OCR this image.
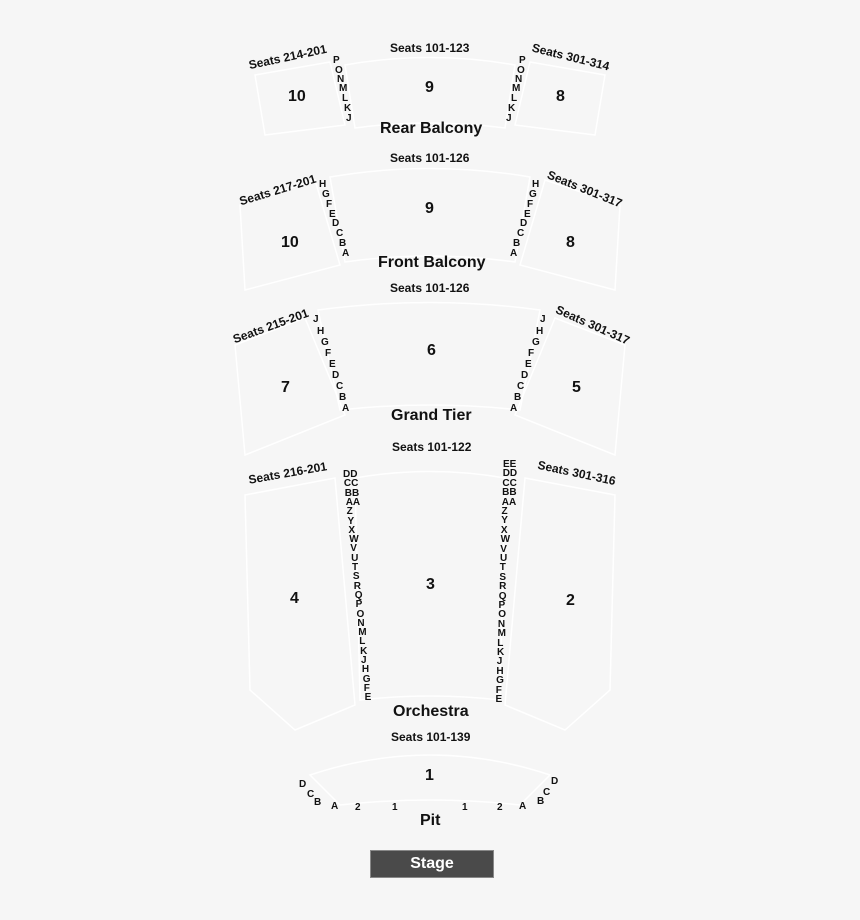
Seats 101-123
Seats 214-201	Seats 301-314
10
9
8
Rear Balcony
P
O
N
M
L
K
J
P
O
N
M
L
K
J
Seats 101-126
Seats 217-201	Seats 301-317
9
10	8
Front Balcony
H
G
F
E
D
C
B
A
H
G
F
E
D
C
B
A
Seats 101-126
Seats 215-201	Seats 301-317
6
7	5
Grand Tier
J
H
G
F
E
D
C
B
A
J
H
G
F
E
D
C
B
A
Seats 101-122
Seats 216-201	Seats 301-316
3
4	2
Orchestra
DD
CC
BB
AA
Z
Y
X
W
V
U
T
S
R
Q
P
O
N
M
L
K
J
H
G
F
E
EE
DD
CC
BB
AA
Z
Y
X
W
V
U
T
S
R
Q
P
O
N
M
L
K
J
H
G
F
E
Seats 101-139
1
Pit
D
C
B A 2	1	1	2 A B
C
D
Stage
